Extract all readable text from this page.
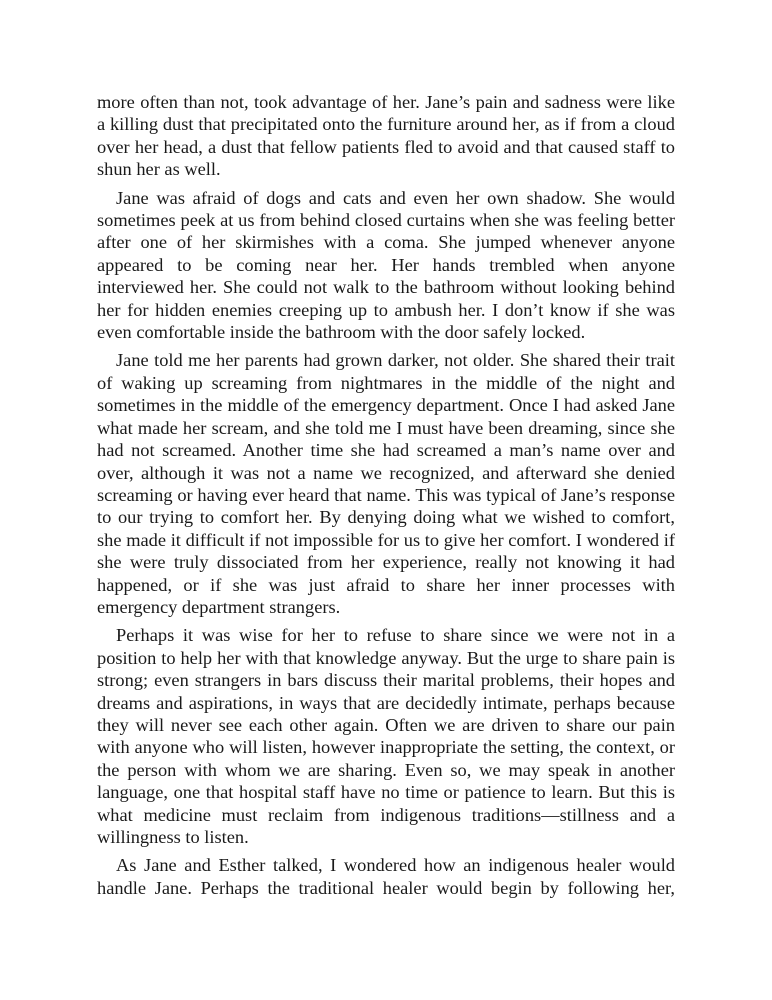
more often than not, took advantage of her. Jane’s pain and sadness were like a killing dust that precipitated onto the furniture around her, as if from a cloud over her head, a dust that fellow patients fled to avoid and that caused staff to shun her as well.

Jane was afraid of dogs and cats and even her own shadow. She would sometimes peek at us from behind closed curtains when she was feeling better after one of her skirmishes with a coma. She jumped whenever anyone appeared to be coming near her. Her hands trembled when anyone interviewed her. She could not walk to the bathroom without looking behind her for hidden enemies creeping up to ambush her. I don’t know if she was even comfortable inside the bathroom with the door safely locked.

Jane told me her parents had grown darker, not older. She shared their trait of waking up screaming from nightmares in the middle of the night and sometimes in the middle of the emergency department. Once I had asked Jane what made her scream, and she told me I must have been dreaming, since she had not screamed. Another time she had screamed a man’s name over and over, although it was not a name we recognized, and afterward she denied screaming or having ever heard that name. This was typical of Jane’s response to our trying to comfort her. By denying doing what we wished to comfort, she made it difficult if not impossible for us to give her comfort. I wondered if she were truly dissociated from her experience, really not knowing it had happened, or if she was just afraid to share her inner processes with emergency department strangers.

Perhaps it was wise for her to refuse to share since we were not in a position to help her with that knowledge anyway. But the urge to share pain is strong; even strangers in bars discuss their marital problems, their hopes and dreams and aspirations, in ways that are decidedly intimate, perhaps because they will never see each other again. Often we are driven to share our pain with anyone who will listen, however inappropriate the setting, the context, or the person with whom we are sharing. Even so, we may speak in another language, one that hospital staff have no time or patience to learn. But this is what medicine must reclaim from indigenous traditions—stillness and a willingness to listen.

As Jane and Esther talked, I wondered how an indigenous healer would handle Jane. Perhaps the traditional healer would begin by following her,
